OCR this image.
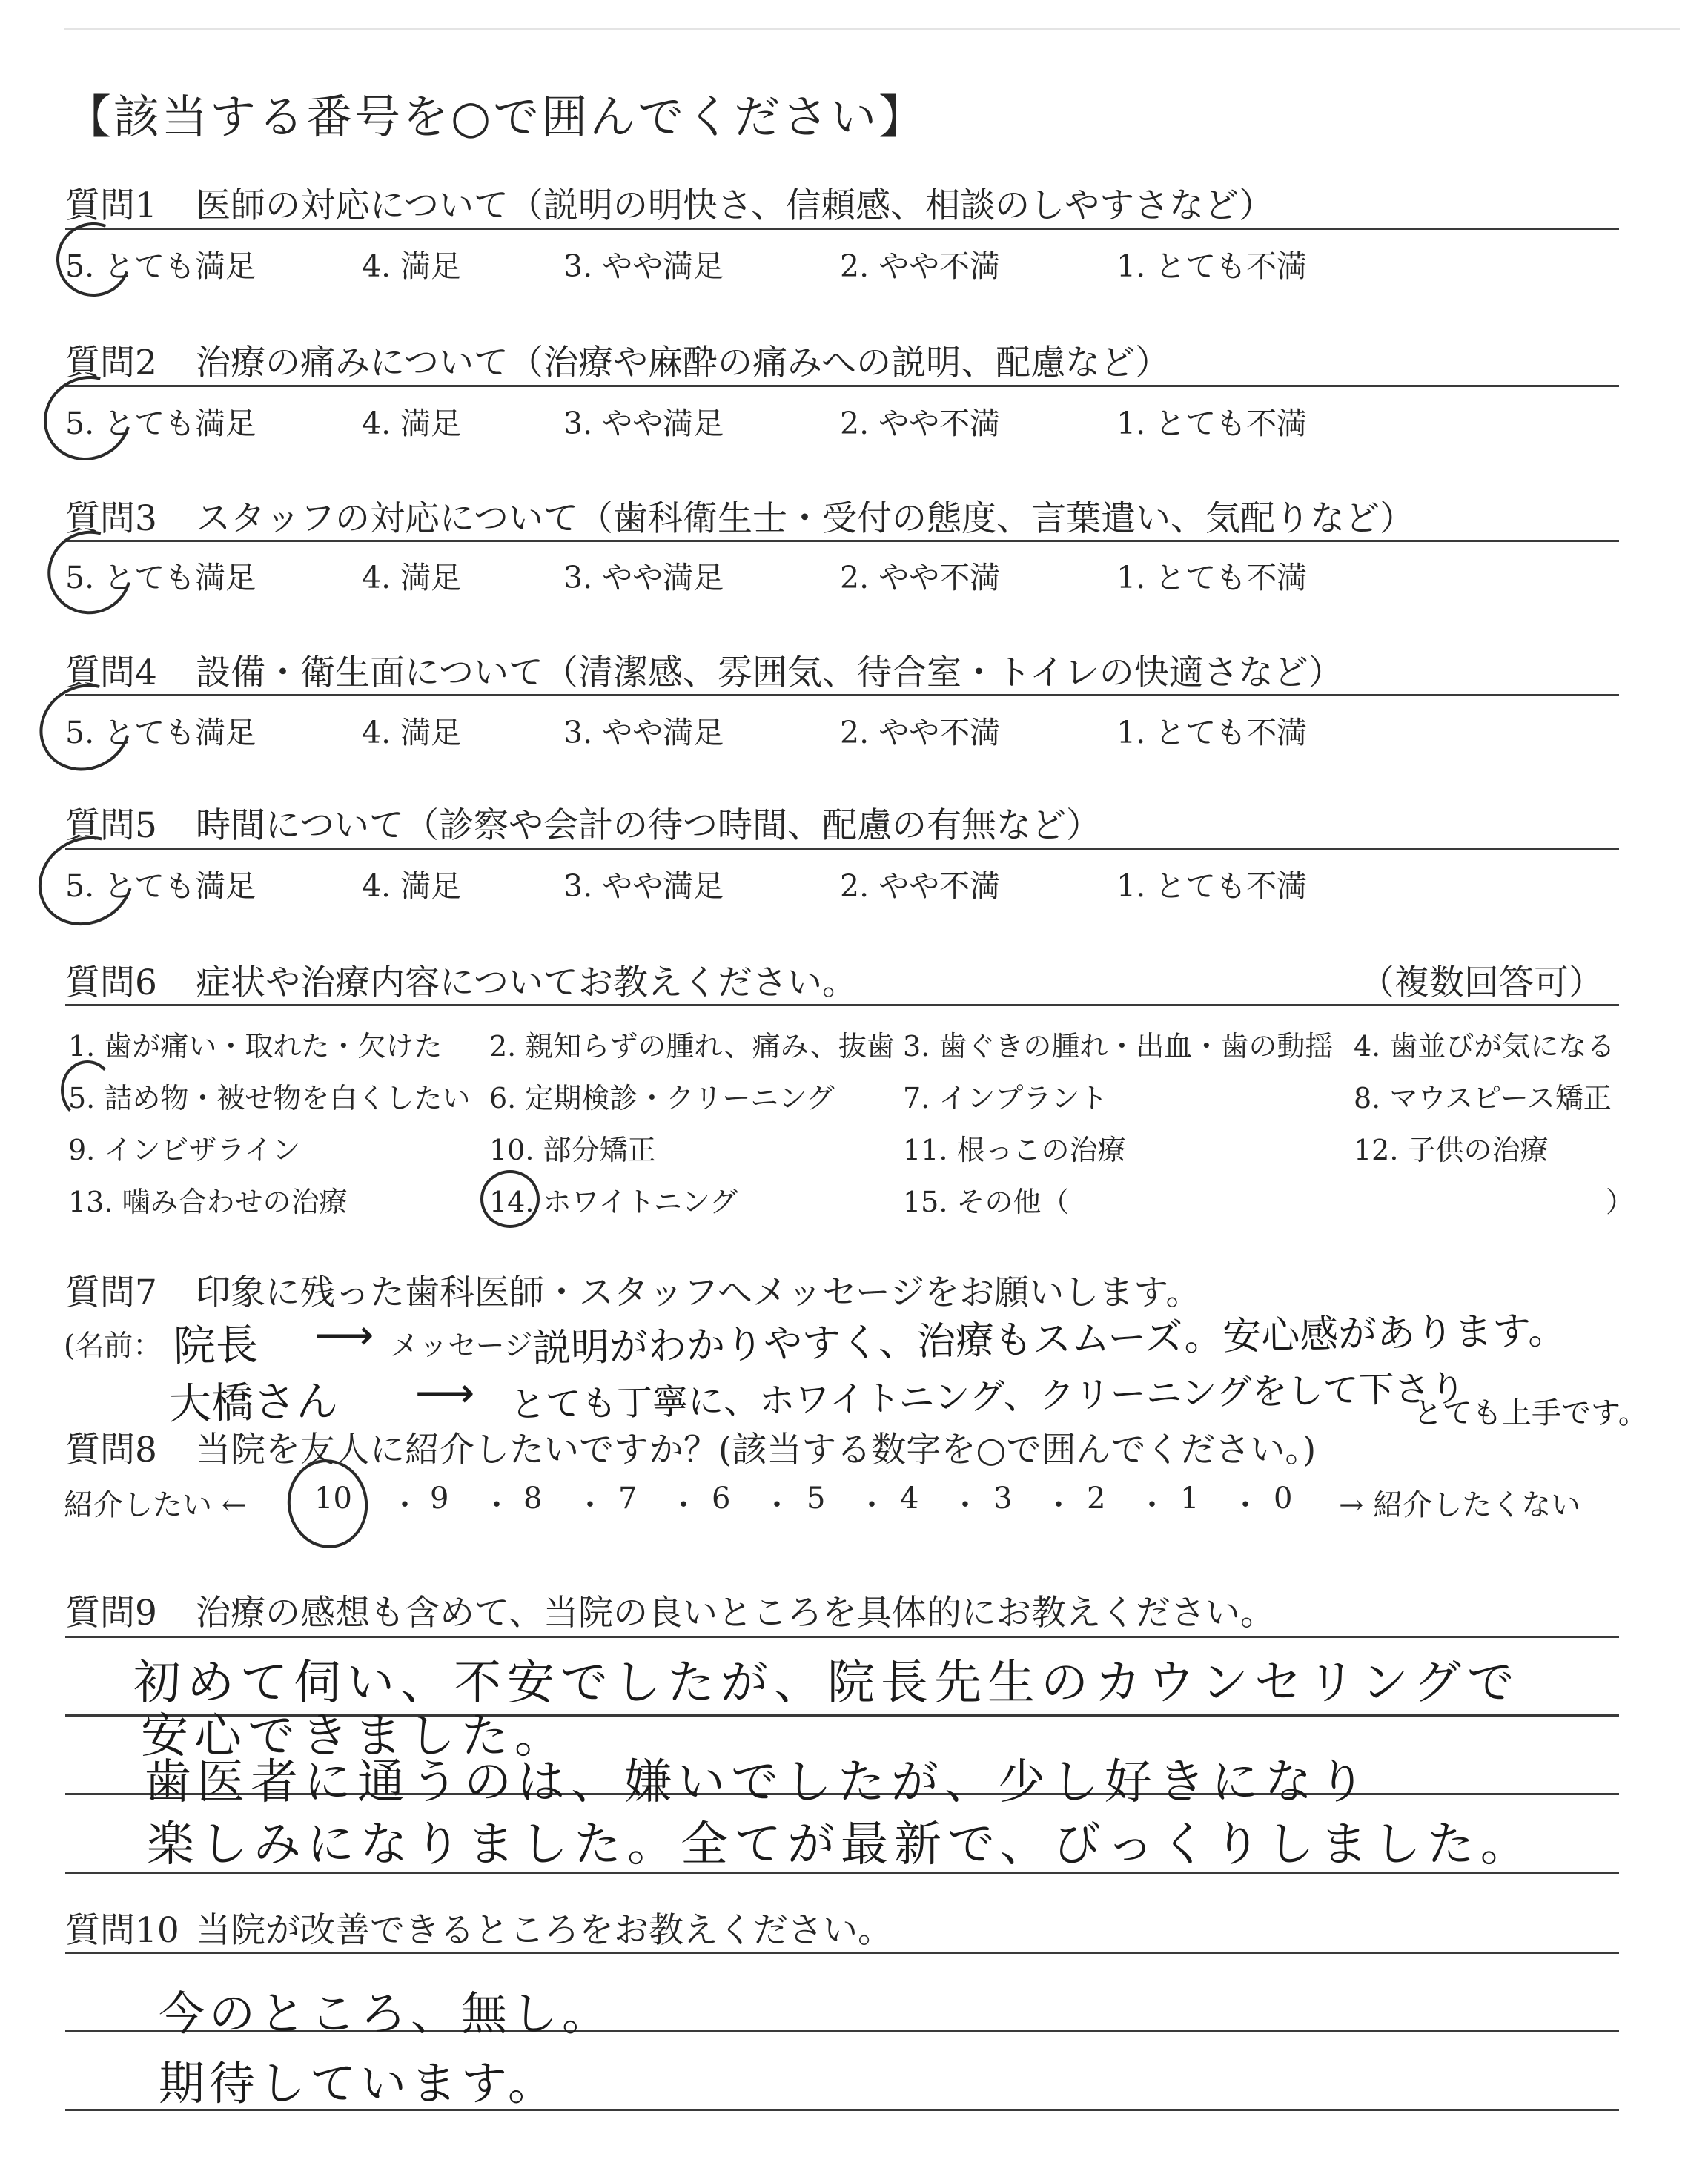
【該当する番号を○で囲んでください】
質問1 医師の対応について（説明の明快さ、信頼感、相談のしやすさなど）
5. とても満足	4. 満足	3. やや満足	2. やや不満	1. とても不満
質問2 治療の痛みについて（治療や麻酔の痛みへの説明、配慮など）
5. とても満足	4. 満足	3. やや満足	2. やや不満	1. とても不満
質問3 スタッフの対応について（歯科衛生士・受付の態度、言葉遣い、気配りなど）
5. とても満足	4. 満足	3. やや満足	2. やや不満	1. とても不満
質問4 設備・衛生面について（清潔感、雰囲気、待合室・トイレの快適さなど）
5. とても満足	4. 満足	3. やや満足	2. やや不満	1. とても不満
質問5 時間について（診察や会計の待つ時間、配慮の有無など）
5. とても満足	4. 満足	3. やや満足	2. やや不満	1. とても不満
質問6 症状や治療内容についてお教えください。	（複数回答可）
1. 歯が痛い・取れた・欠けた 2. 親知らずの腫れ、痛み、抜歯 3. 歯ぐきの腫れ・出血・歯の動揺 4. 歯並びが気になる
5. 詰め物・被せ物を白くしたい 6. 定期検診・クリーニング 7. インプラント	8. マウスピース矯正
9. インビザライン	10. 部分矯正	11. 根っこの治療	12. 子供の治療
13. 噛み合わせの治療	14. ホワイトニング	15. その他（	）
質問7 印象に残った歯科医師・スタッフへメッセージをお願いします。
(名前： 院長 ⟶ メッセージ
説明がわかりやすく、治療もスムーズ。安心感があります。
大橋さん ⟶ とても丁寧に、ホワイトニング、クリーニングをして下さり
とても上手です。
質問8 当院を友人に紹介したいですか？(該当する数字を○で囲んでください。)
紹介したい ← 10 ・ 9 ・ 8 ・ 7 ・ 6 ・ 5 ・ 4 ・ 3 ・ 2 ・ 1 ・ 0 → 紹介したくない
質問9 治療の感想も含めて、当院の良いところを具体的にお教えください。
初めて伺い、不安でしたが、院長先生のカウンセリングで
安心できました。
歯医者に通うのは、嫌いでしたが、少し好きになり
楽しみになりました。全てが最新で、びっくりしました。
質問10 当院が改善できるところをお教えください。
今のところ、無し。
期待しています。
